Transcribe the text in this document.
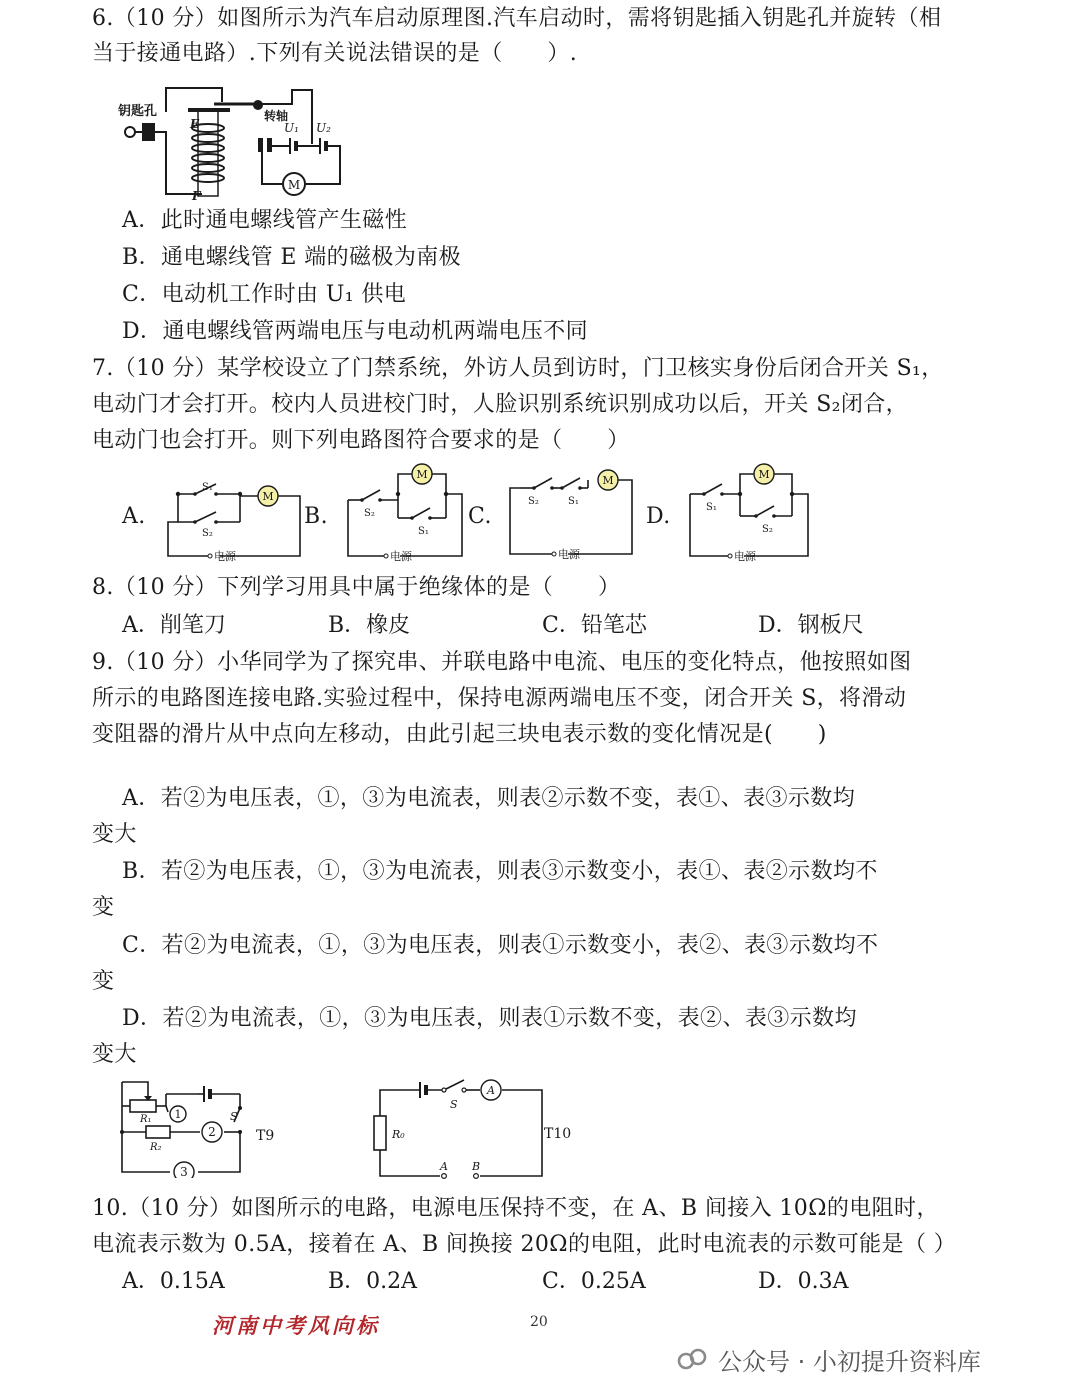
6.（10 分）如图所示为汽车启动原理图.汽车启动时，需将钥匙插入钥匙孔并旋转（相
当于接通电路）.下列有关说法错误的是（　　）.
M
钥匙孔
E
F
转轴
U₁ U₂
A．此时通电螺线管产生磁性
B．通电螺线管 E 端的磁极为南极
C．电动机工作时由 U₁ 供电
D．通电螺线管两端电压与电动机两端电压不同
7.（10 分）某学校设立了门禁系统，外访人员到访时，门卫核实身份后闭合开关 S₁，
电动门才会打开。校内人员进校门时，人脸识别系统识别成功以后，开关 S₂闭合，
电动门也会打开。则下列电路图符合要求的是（　　）
A.
M
S₁
S₂
电源
B.
M
S₂
S₁
电源
C.
M
S₂	S₁
电源
D.
M
S₁
S₂
电源
8.（10 分）下列学习用具中属于绝缘体的是（　　）
A．削笔刀	B．橡皮	C．铅笔芯	D．钢板尺
9.（10 分）小华同学为了探究串、并联电路中电流、电压的变化特点，他按照如图
所示的电路图连接电路.实验过程中，保持电源两端电压不变，闭合开关 S，将滑动
变阻器的滑片从中点向左移动，由此引起三块电表示数的变化情况是(　　)
A．若②为电压表，①，③为电流表，则表②示数不变，表①、表③示数均
变大
B．若②为电压表，①，③为电流表，则表③示数变小，表①、表②示数均不
变
C．若②为电流表，①，③为电压表，则表①示数变小，表②、表③示数均不
变
D．若②为电流表，①，③为电压表，则表①示数不变，表②、表③示数均
变大
1
2
3
R₁
R₂
S
T9
A
S
R₀
A B
T10
10.（10 分）如图所示的电路，电源电压保持不变，在 A、B 间接入 10Ω的电阻时，
电流表示数为 0.5A，接着在 A、B 间换接 20Ω的电阻，此时电流表的示数可能是（ ）
A．0.15A	B．0.2A	C．0.25A	D．0.3A
河南中考风向标	20
公众号 · 小初提升资料库
